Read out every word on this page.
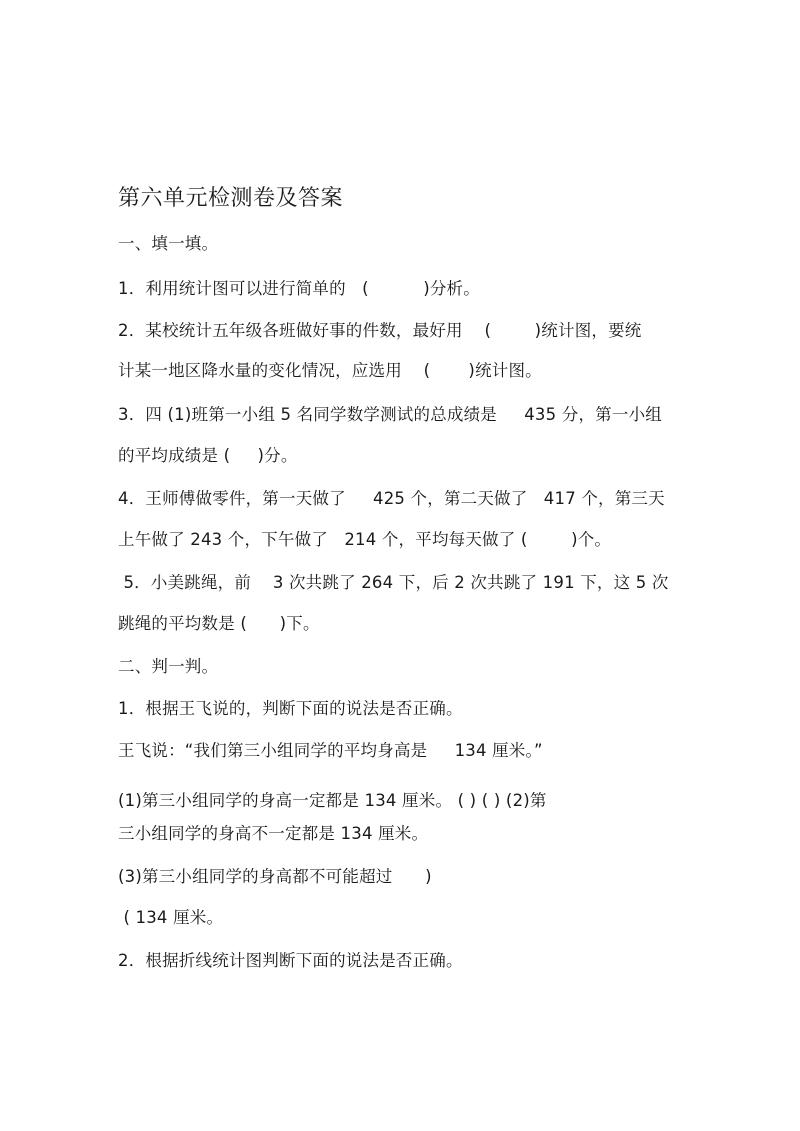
第六单元检测卷及答案
一、填一填。
1．利用统计图可以进行简单的   (          )分析。
2．某校统计五年级各班做好事的件数，最好用    (        )统计图，要统
计某一地区降水量的变化情况，应选用    (       )统计图。
3．四 (1)班第一小组 5 名同学数学测试的总成绩是     435 分，第一小组
的平均成绩是 (     )分。
4．王师傅做零件，第一天做了     425 个，第二天做了   417 个，第三天
上午做了 243 个，下午做了   214 个，平均每天做了 (        )个。
5．小美跳绳，前    3 次共跳了 264 下，后 2 次共跳了 191 下，这 5 次
跳绳的平均数是 (      )下。
二、判一判。
1．根据王飞说的，判断下面的说法是否正确。
王飞说：“我们第三小组同学的平均身高是     134 厘米。”
(1)第三小组同学的身高一定都是 134 厘米。 ( ) ( ) (2)第
三小组同学的身高不一定都是 134 厘米。
(3)第三小组同学的身高都不可能超过      )
( 134 厘米。
2．根据折线统计图判断下面的说法是否正确。
